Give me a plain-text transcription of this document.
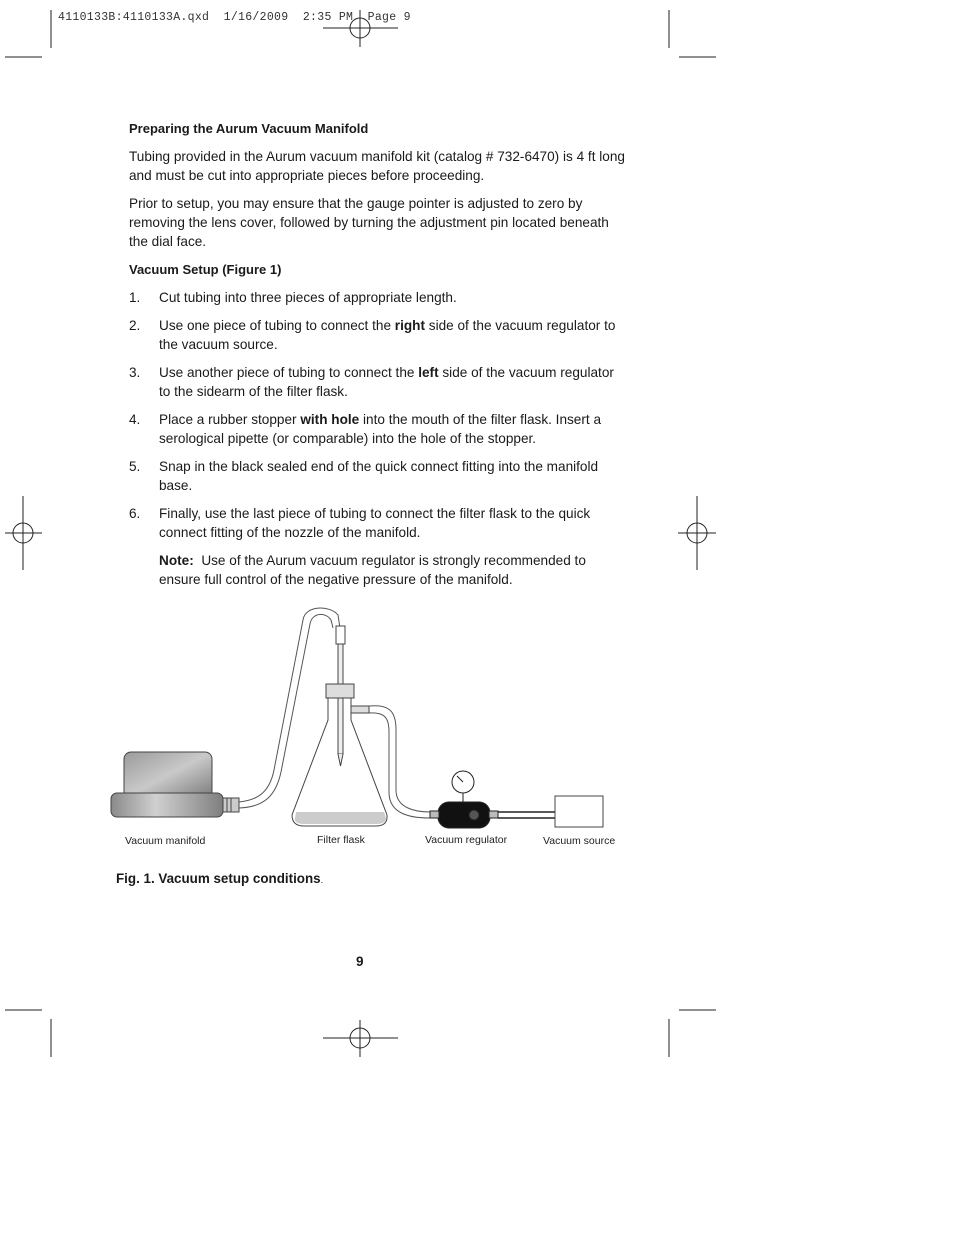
4110133B:4110133A.qxd  1/16/2009  2:35 PM  Page 9
Preparing the Aurum Vacuum Manifold

Tubing provided in the Aurum vacuum manifold kit (catalog # 732-6470) is 4 ft long and must be cut into appropriate pieces before proceeding.

Prior to setup, you may ensure that the gauge pointer is adjusted to zero by removing the lens cover, followed by turning the adjustment pin located beneath the dial face.

Vacuum Setup (Figure 1)
1. Cut tubing into three pieces of appropriate length.
2. Use one piece of tubing to connect the right side of the vacuum regulator to the vacuum source.
3. Use another piece of tubing to connect the left side of the vacuum regulator to the sidearm of the filter flask.
4. Place a rubber stopper with hole into the mouth of the filter flask. Insert a serological pipette (or comparable) into the hole of the stopper.
5. Snap in the black sealed end of the quick connect fitting into the manifold base.
6. Finally, use the last piece of tubing to connect the filter flask to the quick connect fitting of the nozzle of the manifold.

Note: Use of the Aurum vacuum regulator is strongly recommended to ensure full control of the negative pressure of the manifold.

Vacuum manifold	Filter flask	Vacuum regulator	Vacuum source
Fig. 1. Vacuum setup conditions.
9
